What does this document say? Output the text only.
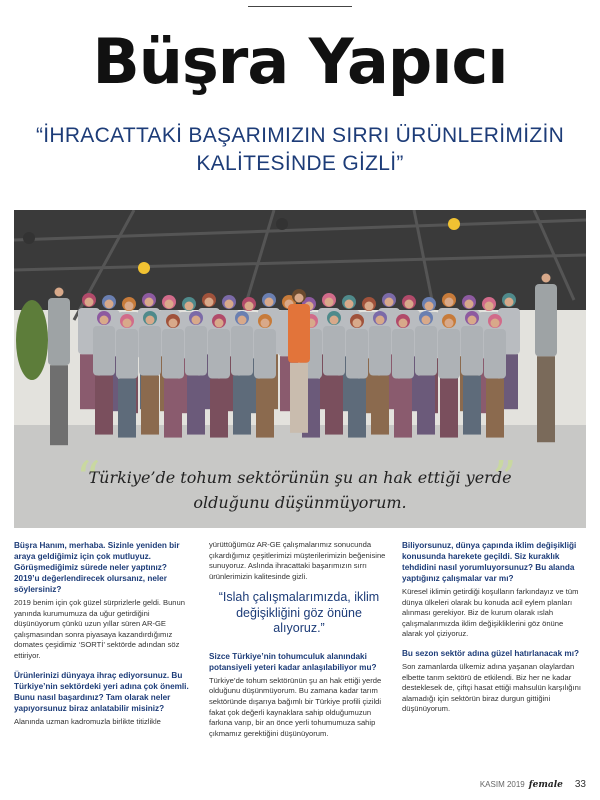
Büşra Yapıcı
“İHRACATTAKİ BAŞARIMIZIN SIRRI ÜRÜNLERİMİZİN KALİTESİNDE GİZLİ”
“	”
Türkiye’de tohum sektörünün şu an hak ettiği yerde
olduğunu düşünmüyorum.

Büşra Hanım, merhaba. Sizinle yeniden bir araya geldiğimiz için çok mutluyuz. Görüşmediğimiz sürede neler yaptınız? 2019’u değerlendirecek olursanız, neler söylersiniz?

2019 benim için çok güzel sürprizlerle geldi. Bunun yanında kurumumuza da uğur getirdiğini düşünüyorum çünkü uzun yıllar süren AR-GE çalışmasından sonra piyasaya kazandırdığımız domates çeşidimiz ‘SORTİ’ sektörde adından söz ettiriyor.

Ürünlerinizi dünyaya ihraç ediyorsunuz. Bu Türkiye’nin sektördeki yeri adına çok önemli. Bunu nasıl başardınız? Tam olarak neler yapıyorsunuz biraz anlatabilir misiniz?

Alanında uzman kadromuzla birlikte titizlikle

yürüttüğümüz AR-GE çalışmalarımız sonucunda çıkardığımız çeşitlerimizi müşterilerimizin beğenisine sunuyoruz. Aslında ihracattaki başarımızın sırrı ürünlerimizin kalitesinde gizli.

“Islah çalışmalarımızda, iklim değişikliğini göz önüne alıyoruz.”

Sizce Türkiye’nin tohumculuk alanındaki potansiyeli yeteri kadar anlaşılabiliyor mu?

Türkiye’de tohum sektörünün şu an hak ettiği yerde olduğunu düşünmüyorum. Bu zamana kadar tarım sektöründe dışarıya bağımlı bir Türkiye profili çizildi fakat çok değerli kaynaklara sahip olduğumuzun farkına varıp, bir an önce yerli tohumumuza sahip çıkmamız gerektiğini düşünüyorum.

Biliyorsunuz, dünya çapında iklim değişikliği konusunda harekete geçildi. Siz kuraklık tehdidini nasıl yorumluyorsunuz? Bu alanda yaptığınız çalışmalar var mı?

Küresel iklimin getirdiği koşulların farkındayız ve tüm dünya ülkeleri olarak bu konuda acil eylem planları alınması gerekiyor. Biz de kurum olarak ıslah çalışmalarımızda iklim değişikliklerini göz önüne alarak yol çiziyoruz.

Bu sezon sektör adına güzel hatırlanacak mı?

Son zamanlarda ülkemiz adına yaşanan olaylardan elbette tarım sektörü de etkilendi. Biz her ne kadar desteklesek de, çiftçi hasat ettiği mahsulün karşılığını alamadığı için sektörün biraz durgun gittiğini düşünüyorum.

KASIM 2019 female 33
